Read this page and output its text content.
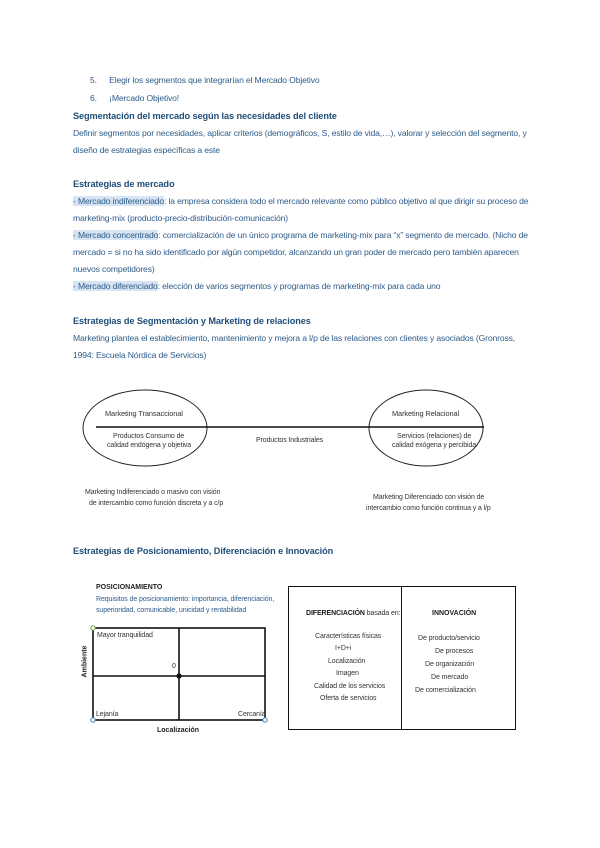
5. Elegir los segmentos que integrarían el Mercado Objetivo
6. ¡Mercado Objetivo!
Segmentación del mercado según las necesidades del cliente
Definir segmentos por necesidades, aplicar criterios (demográficos, S, estilo de vida,…), valorar y selección del segmento, y
diseño de estrategias específicas a este
Estrategias de mercado
- Mercado indiferenciado: la empresa considera todo el mercado relevante como público objetivo al que dirigir su proceso de
marketing-mix (producto-precio-distribución-comunicación)
- Mercado concentrado: comercialización de un único programa de marketing-mix para “x” segmento de mercado. (Nicho de
mercado = si no ha sido identificado por algún competidor, alcanzando un gran poder de mercado pero también aparecen
nuevos competidores)
- Mercado diferenciado: elección de varios segmentos y programas de marketing-mix para cada uno
Estrategias de Segmentación y Marketing de relaciones
Marketing plantea el establecimiento, mantenimiento y mejora a l/p de las relaciones con clientes y asociados (Gronross,
1994: Escuela Nórdica de Servicios)
Marketing Transaccional
Productos Consumo de
calidad endógena y objetiva
Marketing Relacional
Servicios (relaciones) de
calidad exógena y percibida
Productos Industriales
Marketing Indiferenciado o masivo con visión
de intercambio como función discreta y a c/p
Marketing Diferenciado con visión de
intercambio como función continua y a l/p
Estrategias de Posicionamiento, Diferenciación e Innovación
POSICIONAMIENTO
Requisitos de posicionamiento: importancia, diferenciación,
superioridad, comunicable, unicidad y rentabilidad
Mayor tranquilidad
0
Lejanía	Cercanía
Ambiente
Localización
DIFERENCIACIÓN basada en:
Características físicas
I+D+i
Localización
Imagen
Calidad de los servicios
Oferta de servicios
INNOVACIÓN
De producto/servicio
De procesos
De organización
De mercado
De comercialización
